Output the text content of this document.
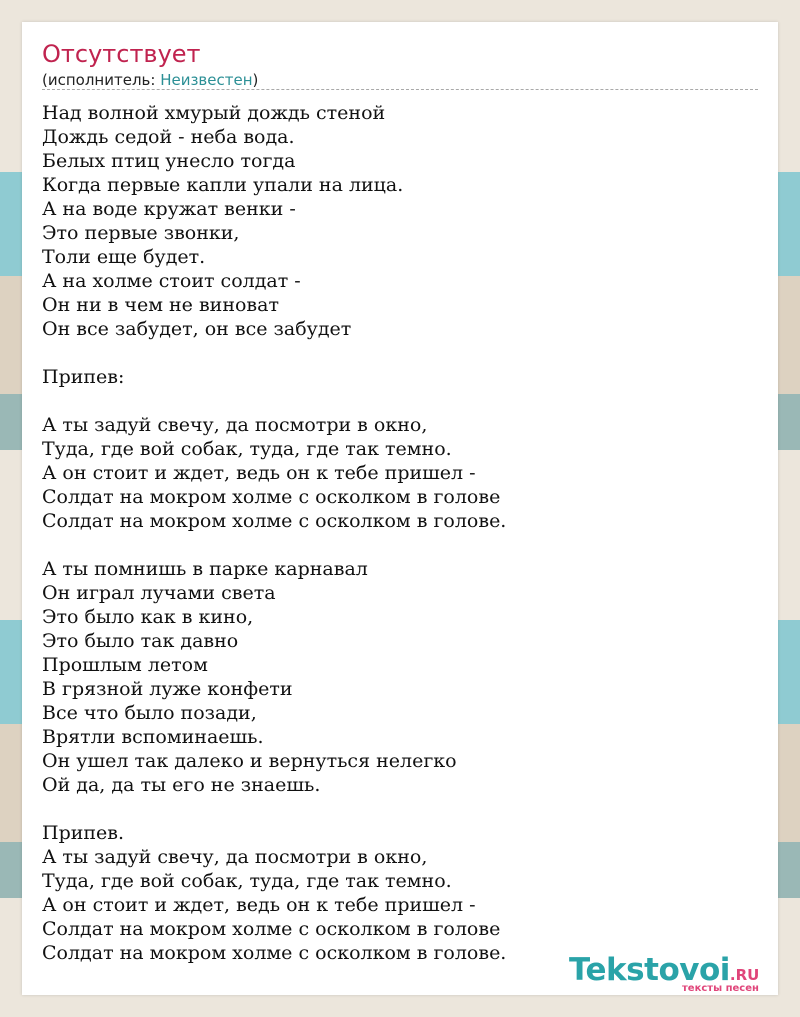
Отсутствует
(исполнитель: Неизвестен)
Над волной хмурый дождь стеной
Дождь седой - неба вода.
Белых птиц унесло тогда
Когда первые капли упали на лица.
А на воде кружат венки -
Это первые звонки,
Толи еще будет.
А на холме стоит солдат -
Он ни в чем не виноват
Он все забудет, он все забудет
Припев:
А ты задуй свечу, да посмотри в окно,
Туда, где вой собак, туда, где так темно.
А он стоит и ждет, ведь он к тебе пришел -
Солдат на мокром холме с осколком в голове
Солдат на мокром холме с осколком в голове.
А ты помнишь в парке карнавал
Он играл лучами света
Это было как в кино,
Это было так давно
Прошлым летом
В грязной луже конфети
Все что было позади,
Врятли вспоминаешь.
Он ушел так далеко и вернуться нелегко
Ой да, да ты его не знаешь.
Припев.
А ты задуй свечу, да посмотри в окно,
Туда, где вой собак, туда, где так темно.
А он стоит и ждет, ведь он к тебе пришел -
Солдат на мокром холме с осколком в голове
Солдат на мокром холме с осколком в голове.	Tekstovoi.RU
тексты песен
